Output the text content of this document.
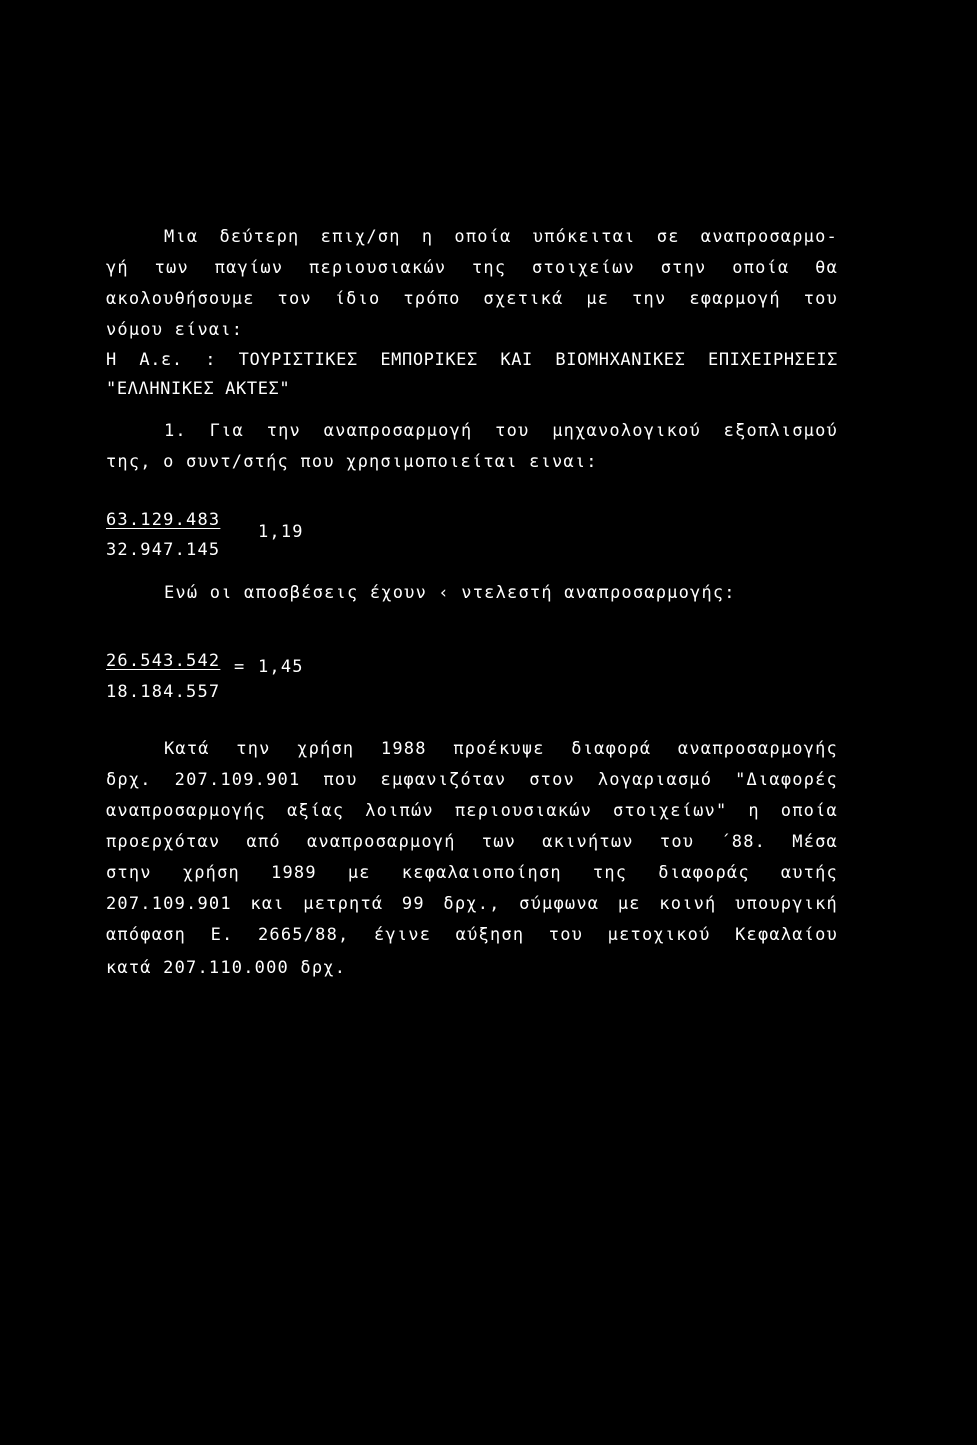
Μια δεύτερη επιχ/ση η οποία υπόκειται σε αναπροσαρμο-
γή των παγίων περιουσιακών της στοιχείων στην οποία θα
ακολουθήσουμε τον ίδιο τρόπο σχετικά με την εφαρμογή του
νόμου είναι:
Η Α.ε. : ΤΟΥΡΙΣΤΙΚΕΣ ΕΜΠΟΡΙΚΕΣ ΚΑΙ ΒΙΟΜΗΧΑΝΙΚΕΣ ΕΠΙΧΕΙΡΗΣΕΙΣ
"ΕΛΛΗΝΙΚΕΣ ΑΚΤΕΣ"
1. Για την αναπροσαρμογή του μηχανολογικού εξοπλισμού
της, ο συντ/στής που χρησιμοποιείται ειναι:
63.129.483
1,19
32.947.145
Ενώ οι αποσβέσεις έχουν ‹ ντελεστή αναπροσαρμογής:
26.543.542 = 1,45
18.184.557
Κατά την χρήση 1988 προέκυψε διαφορά αναπροσαρμογής
δρχ. 207.109.901 που εμφανιζόταν στον λογαριασμό "Διαφορές
αναπροσαρμογής αξίας λοιπών περιουσιακών στοιχείων" η οποία
προερχόταν από αναπροσαρμογή των ακινήτων του ΄88. Μέσα
στην χρήση 1989 με κεφαλαιοποίηση της διαφοράς αυτής
207.109.901 και μετρητά 99 δρχ., σύμφωνα με κοινή υπουργική
απόφαση Ε. 2665/88, έγινε αύξηση του μετοχικού Κεφαλαίου
κατά 207.110.000 δρχ.
